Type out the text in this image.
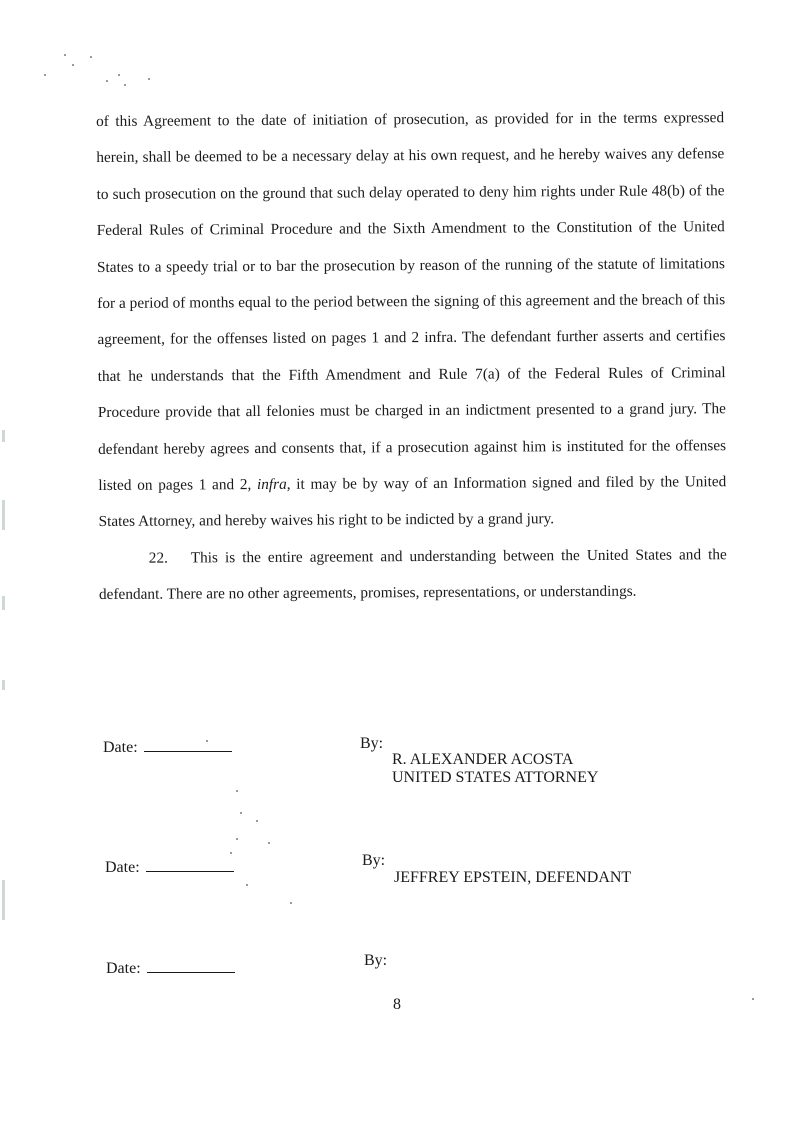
of this Agreement to the date of initiation of prosecution, as provided for in the terms expressed herein, shall be deemed to be a necessary delay at his own request, and he hereby waives any defense to such prosecution on the ground that such delay operated to deny him rights under Rule 48(b) of the Federal Rules of Criminal Procedure and the Sixth Amendment to the Constitution of the United States to a speedy trial or to bar the prosecution by reason of the running of the statute of limitations for a period of months equal to the period between the signing of this agreement and the breach of this agreement, for the offenses listed on pages 1 and 2 infra. The defendant further asserts and certifies that he understands that the Fifth Amendment and Rule 7(a) of the Federal Rules of Criminal Procedure provide that all felonies must be charged in an indictment presented to a grand jury. The defendant hereby agrees and consents that, if a prosecution against him is instituted for the offenses listed on pages 1 and 2, infra, it may be by way of an Information signed and filed by the United States Attorney, and hereby waives his right to be indicted by a grand jury.

22. This is the entire agreement and understanding between the United States and the defendant. There are no other agreements, promises, representations, or understandings.

Date:	By:
R. ALEXANDER ACOSTA
UNITED STATES ATTORNEY
Date:	By:
JEFFREY EPSTEIN, DEFENDANT
Date:	By:
8
